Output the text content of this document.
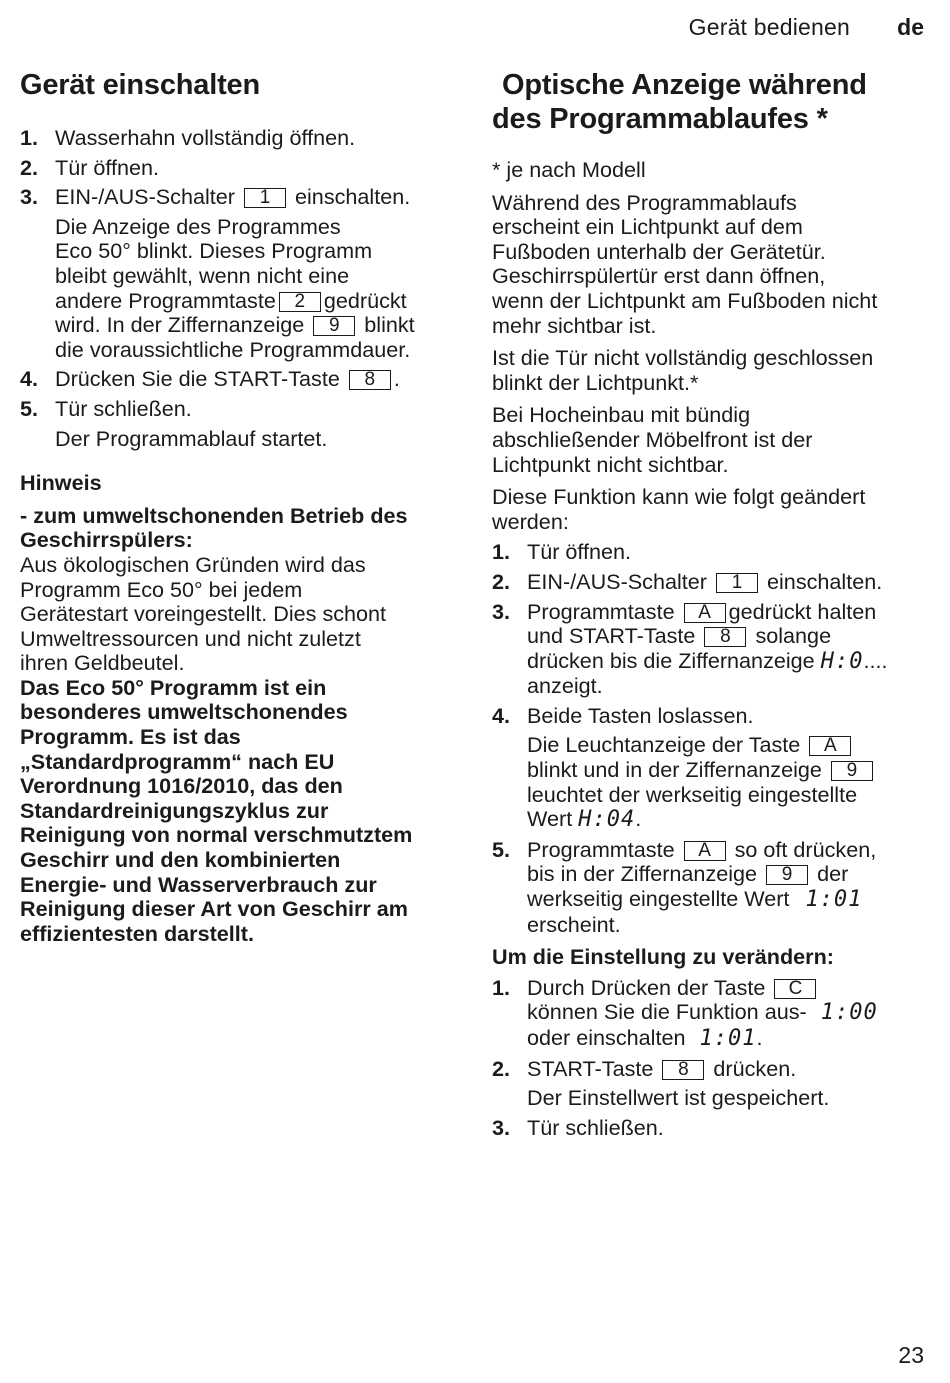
Gerät bedienen de
Gerät einschalten
1. Wasserhahn vollständig öffnen.
2. Tür öffnen.
3. EIN-/AUS-Schalter 1 einschalten.
Die Anzeige des Programmes
Eco 50° blinkt. Dieses Programm
bleibt gewählt, wenn nicht eine
andere Programmtaste 2 gedrückt
wird. In der Ziffernanzeige 9 blinkt
die voraussichtliche Programmdauer.
4. Drücken Sie die START-Taste 8 .
5. Tür schließen.
Der Programmablauf startet.

Hinweis

- zum umweltschonenden Betrieb des

Geschirrspülers:

Aus ökologischen Gründen wird das

Programm Eco 50° bei jedem

Gerätestart voreingestellt. Dies schont

Umweltressourcen und nicht zuletzt

ihren Geldbeutel.

Das Eco 50° Programm ist ein

besonderes umweltschonendes

Programm. Es ist das

„Standardprogramm“ nach EU

Verordnung 1016/2010, das den

Standardreinigungszyklus zur

Reinigung von normal verschmutztem

Geschirr und den kombinierten

Energie- und Wasserverbrauch zur

Reinigung dieser Art von Geschirr am

effizientesten darstellt.

Optische Anzeige während
des Programmablaufes *

* je nach Modell

Während des Programmablaufs

erscheint ein Lichtpunkt auf dem

Fußboden unterhalb der Gerätetür.

Geschirrspülertür erst dann öffnen,

wenn der Lichtpunkt am Fußboden nicht

mehr sichtbar ist.

Ist die Tür nicht vollständig geschlossen

blinkt der Lichtpunkt.*

Bei Hocheinbau mit bündig

abschließender Möbelfront ist der

Lichtpunkt nicht sichtbar.

Diese Funktion kann wie folgt geändert

werden:

1. Tür öffnen.
2. EIN-/AUS-Schalter 1 einschalten.
3. Programmtaste A gedrückt halten
und START-Taste 8 solange
drücken bis die Ziffernanzeige H:0....
anzeigt.
4. Beide Tasten loslassen.
Die Leuchtanzeige der Taste A
blinkt und in der Ziffernanzeige 9
leuchtet der werkseitig eingestellte
Wert H:04.
5. Programmtaste A so oft drücken,
bis in der Ziffernanzeige 9 der
werkseitig eingestellte Wert 1:01
erscheint.

Um die Einstellung zu verändern:

1. Durch Drücken der Taste C
können Sie die Funktion aus- 1:00
oder einschalten 1:01.
2. START-Taste 8 drücken.
Der Einstellwert ist gespeichert.
3. Tür schließen.
23
